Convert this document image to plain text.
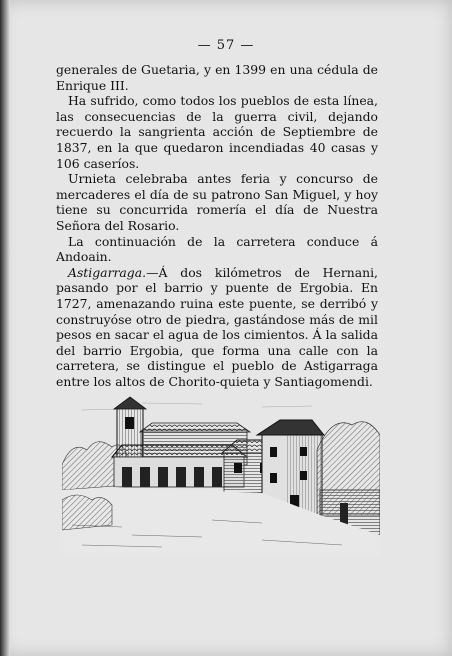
— 57 —

generales de Guetaria, y en 1399 en una cédula de Enrique III.

Ha sufrido, como todos los pueblos de esta línea, las consecuencias de la guerra civil, dejando recuerdo la sangrienta acción de Septiembre de 1837, en la que quedaron incendiadas 40 casas y 106 caseríos.

Urnieta celebraba antes feria y concurso de mercaderes el día de su patrono San Miguel, y hoy tiene su concurrida romería el día de Nuestra Señora del Rosario.

La continuación de la carretera conduce á Andoain.

Astigarraga.—Á dos kilómetros de Hernani, pasando por el barrio y puente de Ergobia. En 1727, amenazando ruina este puente, se derribó y construyóse otro de piedra, gastándose más de mil pesos en sacar el agua de los cimientos. Á la salida del barrio Ergobia, que forma una calle con la carretera, se distingue el pueblo de Astigarraga entre los altos de Chorito-quieta y Santiagomendi.
